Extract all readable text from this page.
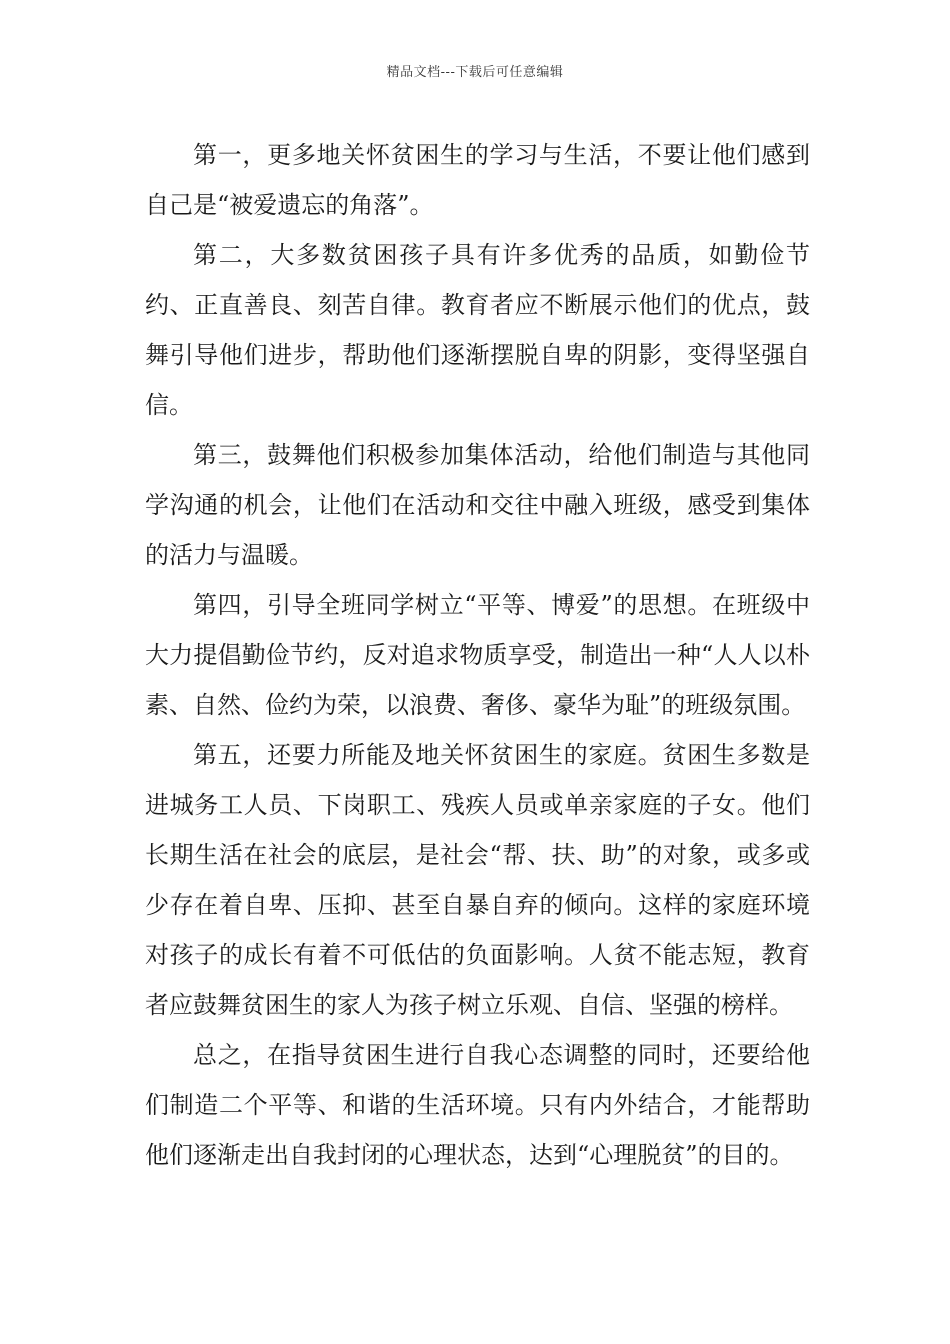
精品文档---下载后可任意编辑

第一，更多地关怀贫困生的学习与生活，不要让他们感到自己是“被爱遗忘的角落”。

第二，大多数贫困孩子具有许多优秀的品质，如勤俭节约、正直善良、刻苦自律。教育者应不断展示他们的优点，鼓舞引导他们进步，帮助他们逐渐摆脱自卑的阴影，变得坚强自信。

第三，鼓舞他们积极参加集体活动，给他们制造与其他同学沟通的机会，让他们在活动和交往中融入班级，感受到集体的活力与温暖。

第四，引导全班同学树立“平等、博爱”的思想。在班级中大力提倡勤俭节约，反对追求物质享受，制造出一种“人人以朴素、自然、俭约为荣，以浪费、奢侈、豪华为耻”的班级氛围。

第五，还要力所能及地关怀贫困生的家庭。贫困生多数是进城务工人员、下岗职工、残疾人员或单亲家庭的子女。他们长期生活在社会的底层，是社会“帮、扶、助”的对象，或多或少存在着自卑、压抑、甚至自暴自弃的倾向。这样的家庭环境对孩子的成长有着不可低估的负面影响。人贫不能志短，教育者应鼓舞贫困生的家人为孩子树立乐观、自信、坚强的榜样。

总之，在指导贫困生进行自我心态调整的同时，还要给他们制造二个平等、和谐的生活环境。只有内外结合，才能帮助他们逐渐走出自我封闭的心理状态，达到“心理脱贫”的目的。
